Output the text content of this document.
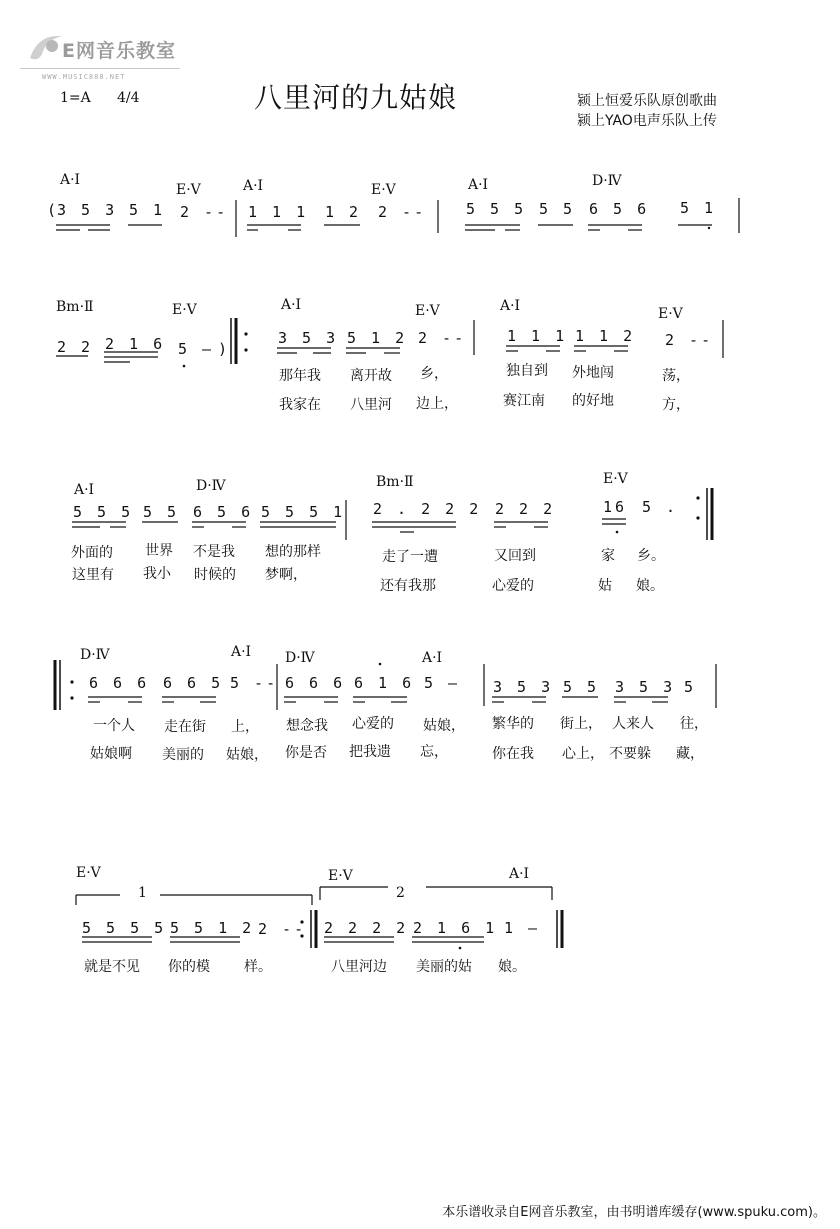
E网音乐教室
WWW.MUSIC888.NET
八里河的九姑娘
1=A 4/4	颍上恒爱乐队原创歌曲
颍上YAO电声乐队上传
A·Ⅰ
E·Ⅴ	A·Ⅰ	E·Ⅴ	A·Ⅰ	D·Ⅳ
(
3 5 3 5 1 2 -- 1 1 1 1 2 2 --	5 5 5 5 5 6 5 6 5 1
Bm·Ⅱ	E·Ⅴ	A·Ⅰ	E·Ⅴ	A·Ⅰ	E·Ⅴ
2 2 2 1 6 5 — )
3 5 3 5 1 2 2 --	1 1 1 1 1 2 2 --
那年我 离开故 乡，	独自到 外地闯	荡，
我家在 八里河 边上，	赛江南 的好地	方，
A·Ⅰ	D·Ⅳ	Bm·Ⅱ	E·Ⅴ
5 5 5 5 5 6 5 6 5 5 5 1 2 . 2 2 2 2 2 2	16 5 .
外面的 世界 不是我 想的那样	走了一遭	又回到	家 乡。
这里有 我小 时候的 梦啊，
还有我那	心爱的	姑 娘。
D·Ⅳ	A·Ⅰ D·Ⅳ	A·Ⅰ
6 6 6 6 6 5 5 -- 6 6 6 6 1 6 5 — 3 5 3 5 5 3 5 3 5
一个人 走在街 上， 想念我 心爱的 姑娘， 繁华的 街上， 人来人 往，
姑娘啊 美丽的 姑娘， 你是否 把我遗 忘，	你在我 心上， 不要躲 藏，
E·Ⅴ	E·Ⅴ	A·Ⅰ
1	2
5 5 5 5 5 5 1 2 2 -- 2 2 2 2 2 1 6 1 1 —
就是不见 你的模 样。	八里河边 美丽的姑 娘。
本乐谱收录自E网音乐教室，由书明谱库缓存(www.spuku.com)。
